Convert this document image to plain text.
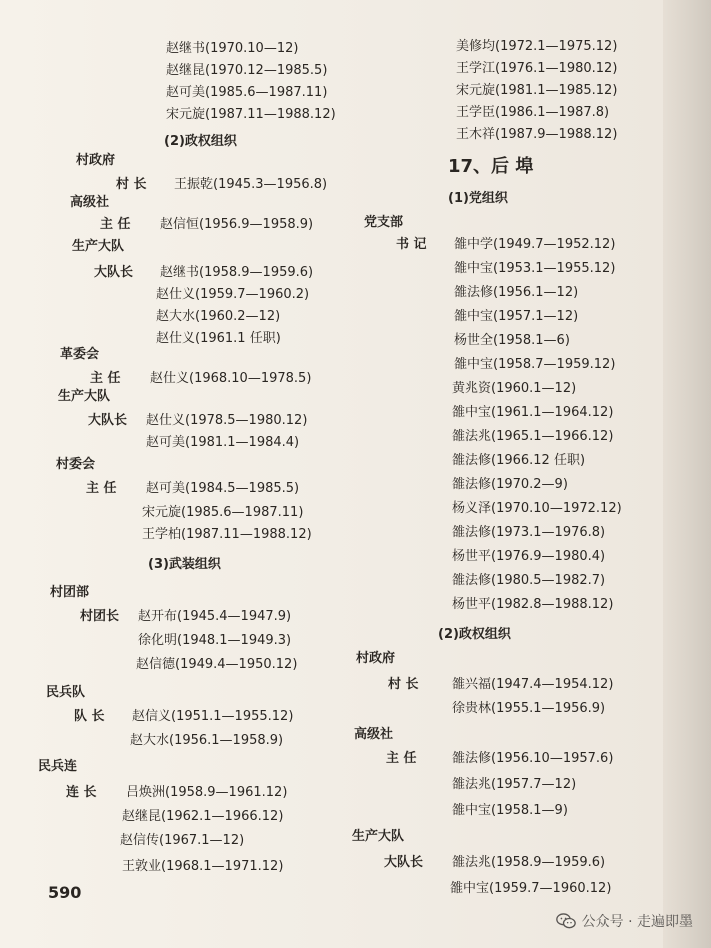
赵继书(1970.10—12)
赵继昆(1970.12—1985.5)
赵可美(1985.6—1987.11)
宋元旋(1987.11—1988.12)
(2)政权组织
村政府
村 长 王振乾(1945.3—1956.8)
高级社
主 任 赵信恒(1956.9—1958.9)
生产大队
大队长 赵继书(1958.9—1959.6)
赵仕义(1959.7—1960.2)
赵大水(1960.2—12)
赵仕义(1961.1 任职)
革委会
主 任 赵仕义(1968.10—1978.5)
生产大队
大队长 赵仕义(1978.5—1980.12)
赵可美(1981.1—1984.4)
村委会
主 任 赵可美(1984.5—1985.5)
宋元旋(1985.6—1987.11)
王学柏(1987.11—1988.12)
(3)武装组织
村团部
村团长 赵开布(1945.4—1947.9)
徐化明(1948.1—1949.3)
赵信德(1949.4—1950.12)
民兵队
队 长 赵信义(1951.1—1955.12)
赵大水(1956.1—1958.9)
民兵连
连 长 吕焕洲(1958.9—1961.12)
赵继昆(1962.1—1966.12)
赵信传(1967.1—12)
王敦业(1968.1—1971.12)
美修均(1972.1—1975.12)
王学江(1976.1—1980.12)
宋元旋(1981.1—1985.12)
王学臣(1986.1—1987.8)
王木祥(1987.9—1988.12)
(1)党组织
党支部
书 记 雒中学(1949.7—1952.12)
雒中宝(1953.1—1955.12)
雒法修(1956.1—12)
雒中宝(1957.1—12)
杨世全(1958.1—6)
雒中宝(1958.7—1959.12)
黄兆资(1960.1—12)
雒中宝(1961.1—1964.12)
雒法兆(1965.1—1966.12)
雒法修(1966.12 任职)
雒法修(1970.2—9)
杨义泽(1970.10—1972.12)
雒法修(1973.1—1976.8)
杨世平(1976.9—1980.4)
雒法修(1980.5—1982.7)
杨世平(1982.8—1988.12)
(2)政权组织
村政府
村 长	雒兴福(1947.4—1954.12)
徐贵林(1955.1—1956.9)
高级社
主 任	雒法修(1956.10—1957.6)
雒法兆(1957.7—12)
雒中宝(1958.1—9)
生产大队
大队长 雒法兆(1958.9—1959.6)
雒中宝(1959.7—1960.12)
17、后 埠
590
公众号 · 走遍即墨
